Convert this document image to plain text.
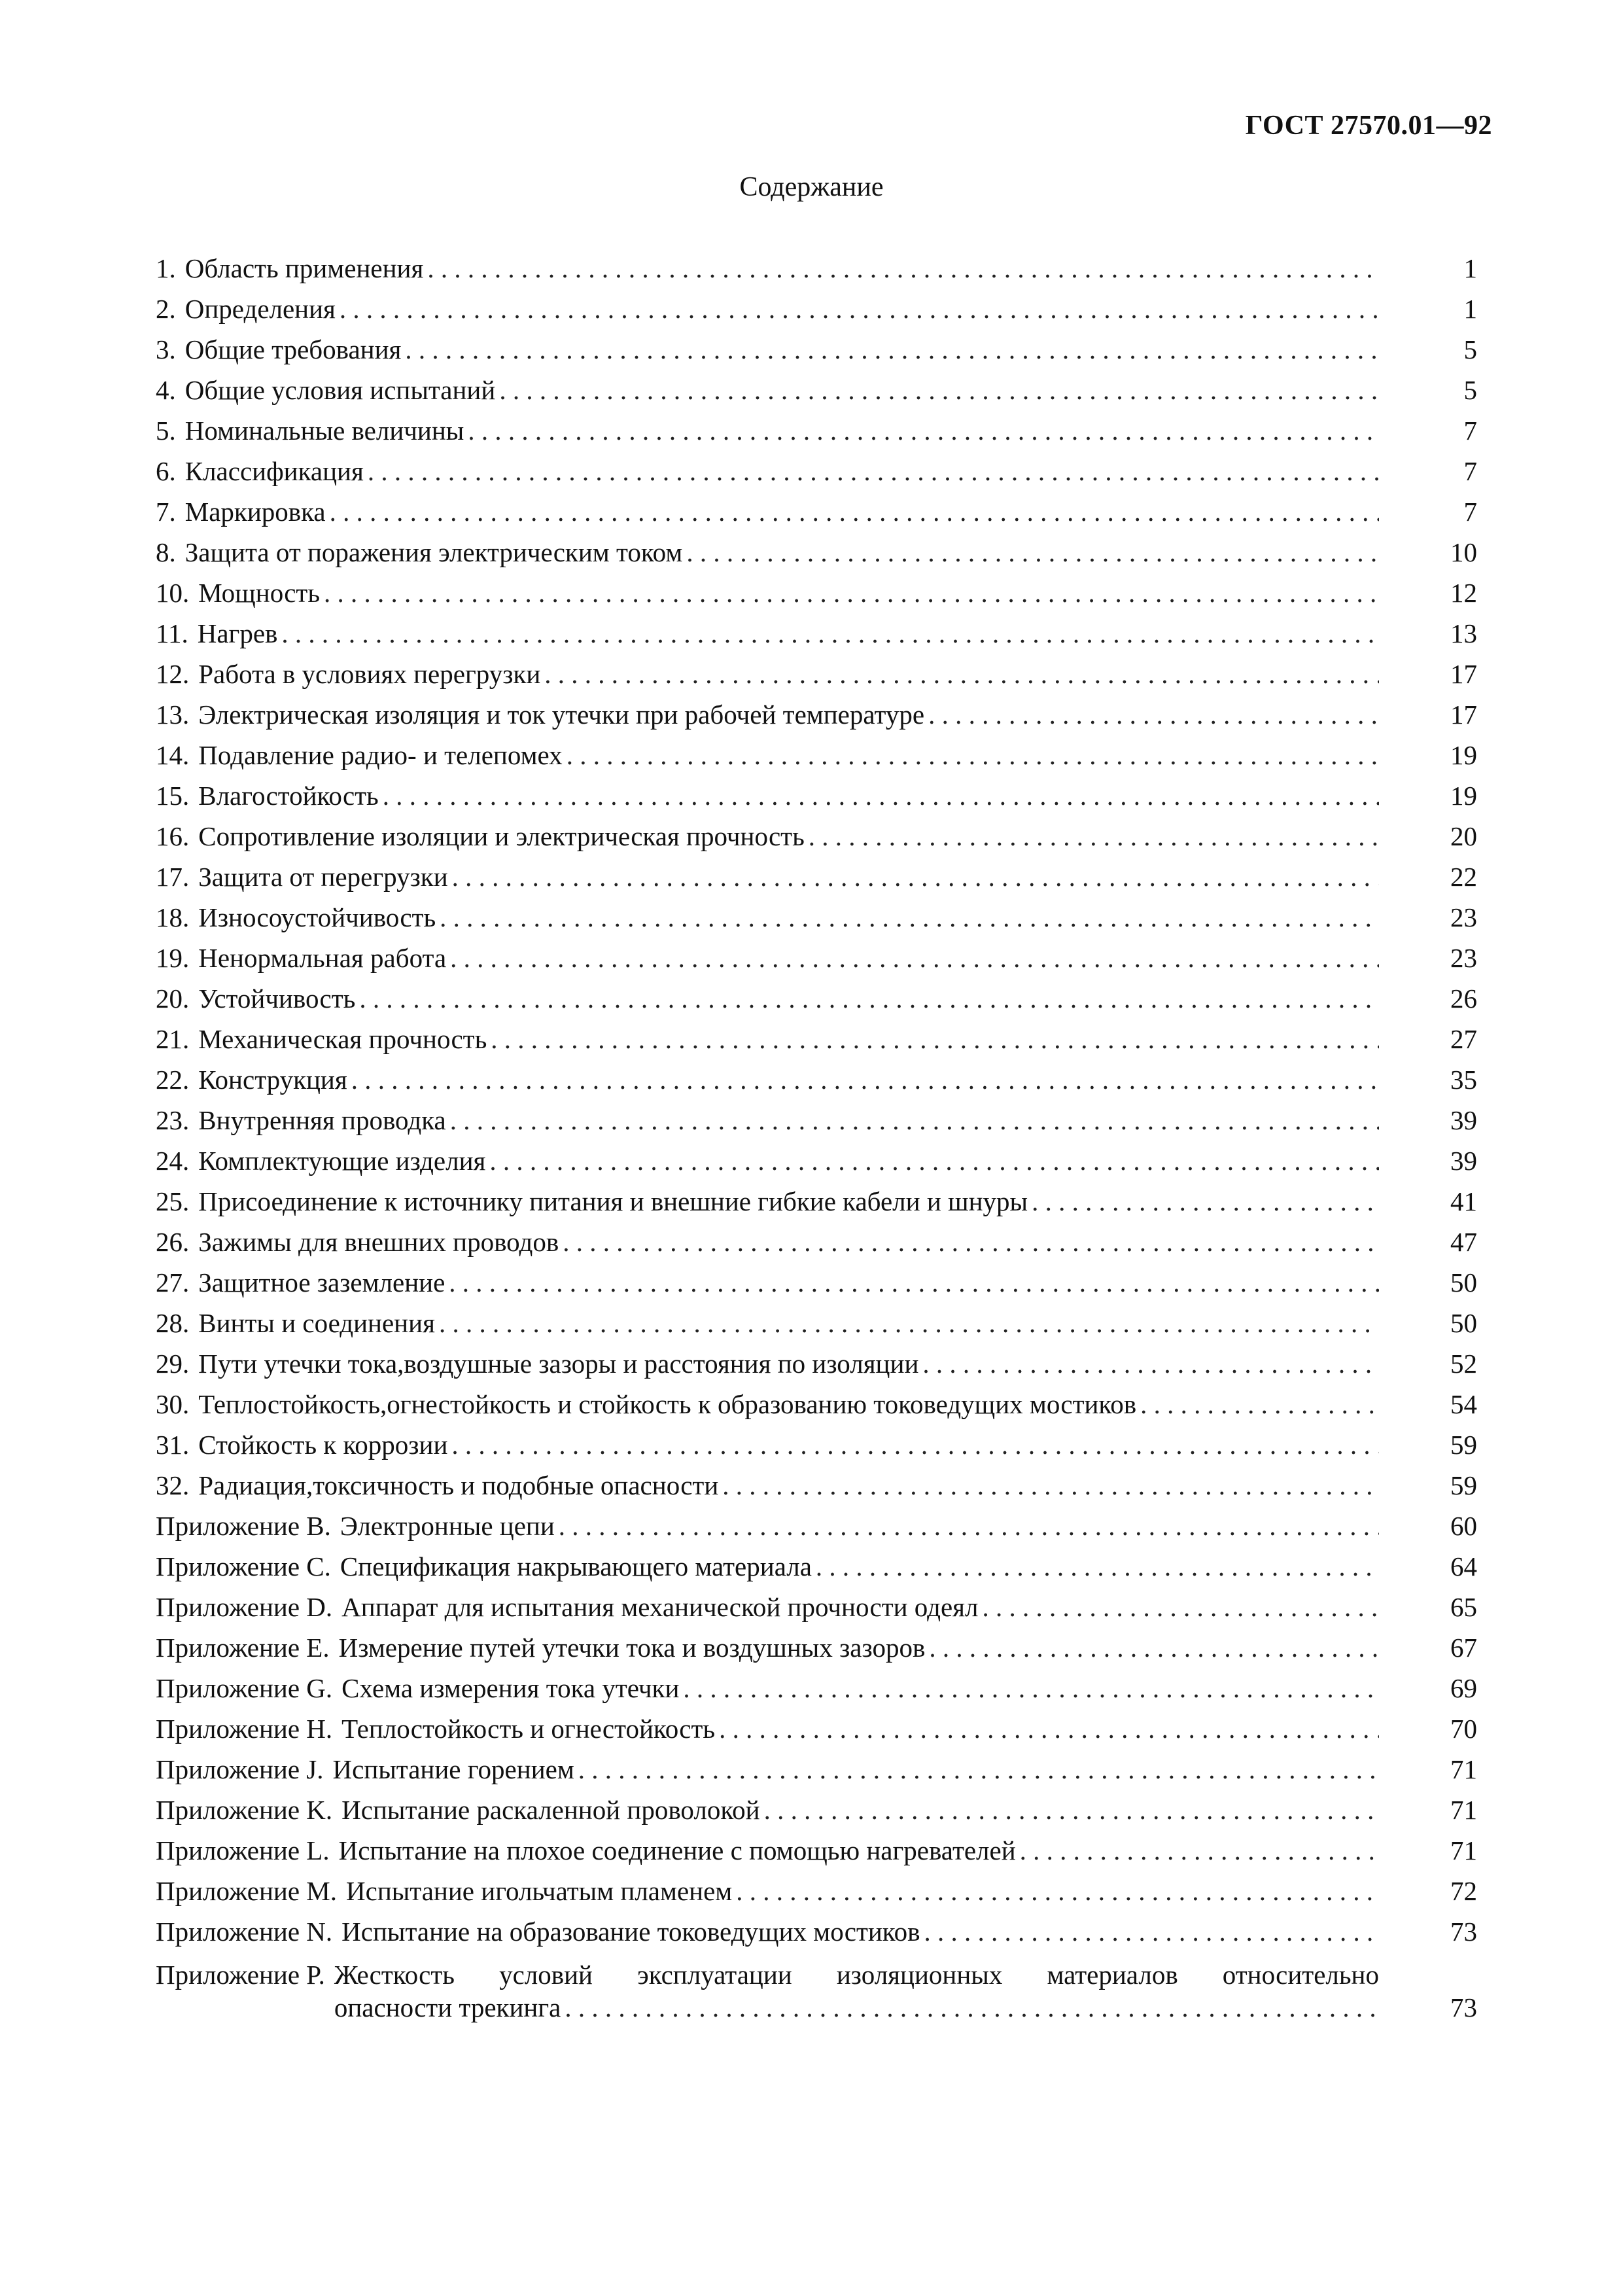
ГОСТ 27570.01—92
Содержание
1. Область применения . . .	1
2. Определения . . .	1
3. Общие требования . . .	5
4. Общие условия испытаний . . .	5
5. Номинальные величины . . .	7
6. Классификация . . .	7
7. Маркировка . . .	7
8. Защита от поражения электрическим током . . .	10
10. Мощность . . .	12
11. Нагрев . . .	13
12. Работа в условиях перегрузки . . .	17
13. Электрическая изоляция и ток утечки при рабочей температуре . . .	17
14. Подавление радио- и телепомех . . .	19
15. Влагостойкость . . .	19
16. Сопротивление изоляции и электрическая прочность . . .	20
17. Защита от перегрузки . . .	22
18. Износоустойчивость . . .	23
19. Ненормальная работа . . .	23
20. Устойчивость . . .	26
21. Механическая прочность . . .	27
22. Конструкция . . .	35
23. Внутренняя проводка . . .	39
24. Комплектующие изделия . . .	39
25. Присоединение к источнику питания и внешние гибкие кабели и шнуры . . .	41
26. Зажимы для внешних проводов . . .	47
27. Защитное заземление . . .	50
28. Винты и соединения . . .	50
29. Пути утечки тока,воздушные зазоры и расстояния по изоляции . . .	52
30. Теплостойкость,огнестойкость и стойкость к образованию токоведущих мостиков . . .	54
31. Стойкость к коррозии . . .	59
32. Радиация,токсичность и подобные опасности . . .	59
Приложение В. Электронные цепи . . .	60
Приложение С. Спецификация накрывающего материала . . .	64
Приложение D. Аппарат для испытания механической прочности одеял . . .	65
Приложение Е. Измерение путей утечки тока и воздушных зазоров . . .	67
Приложение G. Схема измерения тока утечки . . .	69
Приложение Н. Теплостойкость и огнестойкость . . .	70
Приложение J. Испытание горением . . .	71
Приложение K. Испытание раскаленной проволокой . . .	71
Приложение L. Испытание на плохое соединение с помощью нагревателей . . .	71
Приложение M. Испытание игольчатым пламенем . . .	72
Приложение N. Испытание на образование токоведущих мостиков . . .	73
Приложение P. Жесткость условий эксплуатации изоляционных материалов относительно
опасности трекинга . . .	73
